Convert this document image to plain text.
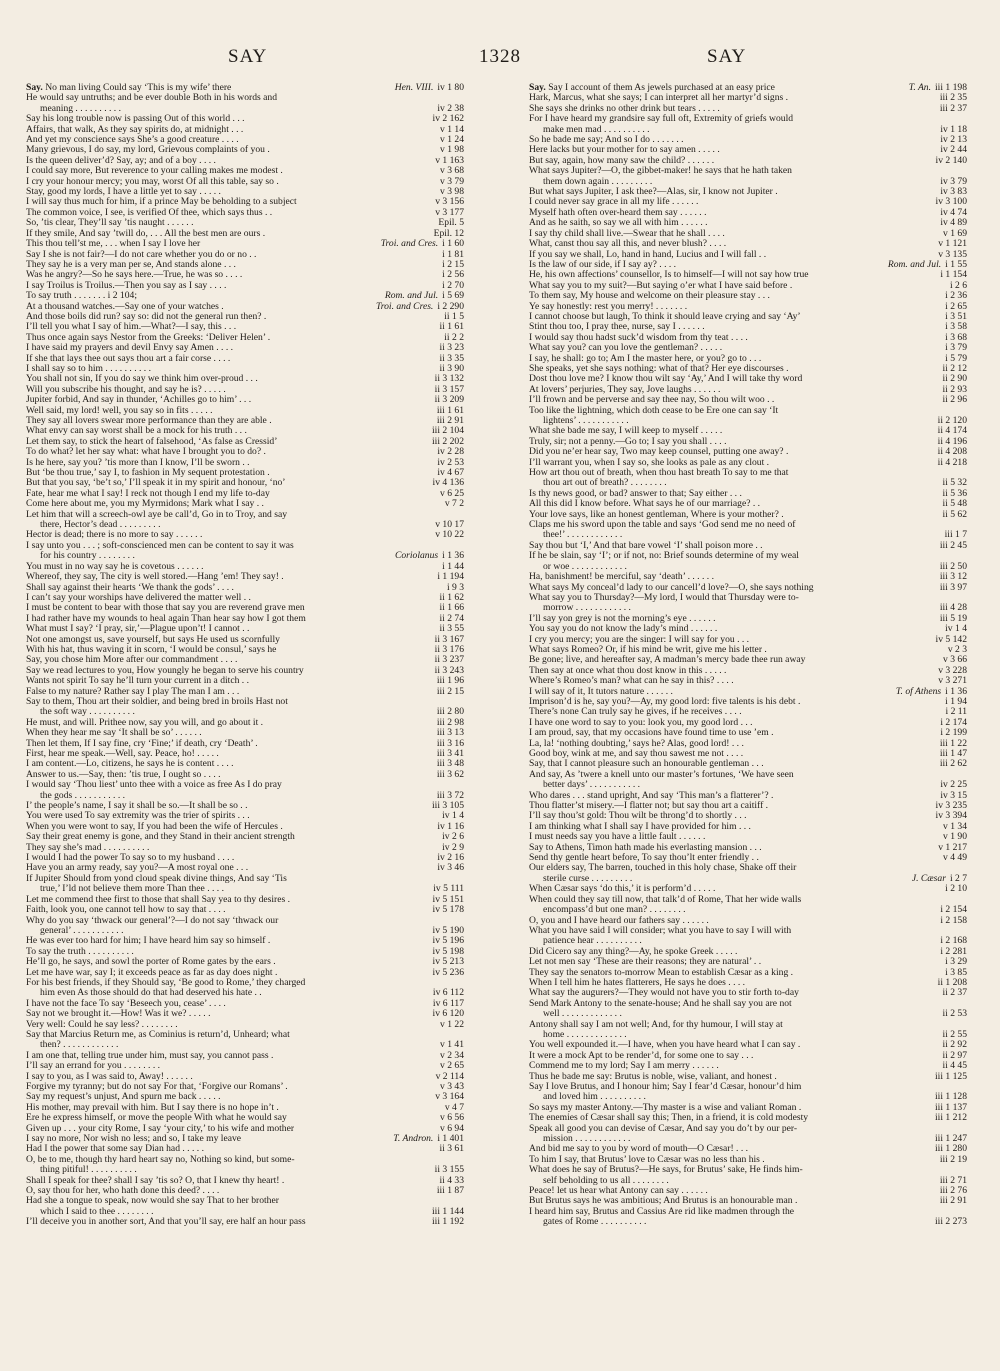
SAY	1328	SAY
Say. No man living Could say ‘This is my wife’ there	Hen. VIII. iv 1 80
He would say untruths; and be ever double Both in his words and
meaning . . . . . . . . . .	iv 2 38
Say his long trouble now is passing Out of this world . . .	iv 2 162
Affairs, that walk, As they say spirits do, at midnight . . .	v 1 14
And yet my conscience says She’s a good creature . . . .	v 1 24
Many grievous, I do say, my lord, Grievous complaints of you .	v 1 98
Is the queen deliver’d? Say, ay; and of a boy . . . .	v 1 163
I could say more, But reverence to your calling makes me modest .	v 3 68
I cry your honour mercy; you may, worst Of all this table, say so .	v 3 79
Stay, good my lords, I have a little yet to say . . . . .	v 3 98
I will say thus much for him, if a prince May be beholding to a subject	v 3 156
The common voice, I see, is verified Of thee, which says thus . .	v 3 177
So, ’tis clear, They’ll say ’tis naught . . . . . .	Epil. 5
If they smile, And say ’twill do, . . . All the best men are ours .	Epil. 12
This thou tell’st me, . . . when I say I love her	Troi. and Cres. i 1 60
Say I she is not fair?—I do not care whether you do or no . .	i 1 81
They say he is a very man per se, And stands alone . . .	i 2 15
Was he angry?—So he says here.—True, he was so . . . .	i 2 56
I say Troilus is Troilus.—Then you say as I say . . . .	i 2 70
To say truth . . . . . . . i 2 104;	Rom. and Jul. i 5 69
At a thousand watches.—Say one of your watches .	Troi. and Cres. i 2 290
And those boils did run? say so: did not the general run then? .	ii 1 5
I’ll tell you what I say of him.—What?—I say, this . . .	ii 1 61
Thus once again says Nestor from the Greeks: ‘Deliver Helen’ .	ii 2 2
I have said my prayers and devil Envy say Amen . . . .	ii 3 23
If she that lays thee out says thou art a fair corse . . . .	ii 3 35
I shall say so to him . . . . . . . . . .	ii 3 90
You shall not sin, If you do say we think him over-proud . . .	ii 3 132
Will you subscribe his thought, and say he is? . . . . .	ii 3 157
Jupiter forbid, And say in thunder, ‘Achilles go to him’ . . .	ii 3 209
Well said, my lord! well, you say so in fits . . . . .	iii 1 61
They say all lovers swear more performance than they are able .	iii 2 91
What envy can say worst shall be a mock for his truth . . .	iii 2 104
Let them say, to stick the heart of falsehood, ‘As false as Cressid’	iii 2 202
To do what? let her say what: what have I brought you to do? .	iv 2 28
Is he here, say you? ’tis more than I know, I’ll be sworn . .	iv 2 53
But ‘be thou true,’ say I, to fashion in My sequent protestation .	iv 4 67
But that you say, ‘be’t so,’ I’ll speak it in my spirit and honour, ‘no’	iv 4 136
Fate, hear me what I say! I reck not though I end my life to-day	v 6 25
Come here about me, you my Myrmidons; Mark what I say . .	v 7 2
Let him that will a screech-owl aye be call’d, Go in to Troy, and say
there, Hector’s dead . . . . . . . . .	v 10 17
Hector is dead; there is no more to say . . . . . .	v 10 22
I say unto you . . . ; soft-conscienced men can be content to say it was
for his country . . . . . . . .	Coriolanus i 1 36
You must in no way say he is covetous . . . . . .	i 1 44
Whereof, they say, The city is well stored.—Hang ’em! They say! .	i 1 194
Shall say against their hearts ‘We thank the gods’ . . . .	i 9 3
I can’t say your worships have delivered the matter well . .	ii 1 62
I must be content to bear with those that say you are reverend grave men	ii 1 66
I had rather have my wounds to heal again Than hear say how I got them	ii 2 74
What must I say? ‘I pray, sir,’—Plague upon’t! I cannot . .	ii 3 55
Not one amongst us, save yourself, but says He used us scornfully	ii 3 167
With his hat, thus waving it in scorn, ‘I would be consul,’ says he	ii 3 176
Say, you chose him More after our commandment . . . .	ii 3 237
Say we read lectures to you, How youngly he began to serve his country	ii 3 243
Wants not spirit To say he’ll turn your current in a ditch . .	iii 1 96
False to my nature? Rather say I play The man I am . . .	iii 2 15
Say to them, Thou art their soldier, and being bred in broils Hast not
the soft way . . . . . . . . . .	iii 2 80
He must, and will. Prithee now, say you will, and go about it .	iii 2 98
When they hear me say ‘It shall be so’ . . . . . .	iii 3 13
Then let them, If I say fine, cry ‘Fine;’ if death, cry ‘Death’ .	iii 3 16
First, hear me speak.—Well, say. Peace, ho! . . . . .	iii 3 41
I am content.—Lo, citizens, he says he is content . . . .	iii 3 48
Answer to us.—Say, then: ’tis true, I ought so . . . .	iii 3 62
I would say ‘Thou liest’ unto thee with a voice as free As I do pray
the gods . . . . . . . . . . .	iii 3 72
I’ the people’s name, I say it shall be so.—It shall be so . .	iii 3 105
You were used To say extremity was the trier of spirits . . .	iv 1 4
When you were wont to say, If you had been the wife of Hercules .	iv 1 16
Say their great enemy is gone, and they Stand in their ancient strength	iv 2 6
They say she’s mad . . . . . . . . . .	iv 2 9
I would I had the power To say so to my husband . . . .	iv 2 16
Have you an army ready, say you?—A most royal one . . .	iv 3 46
If Jupiter Should from yond cloud speak divine things, And say ‘Tis
true,’ I’ld not believe them more Than thee . . . .	iv 5 111
Let me commend thee first to those that shall Say yea to thy desires .	iv 5 151
Faith, look you, one cannot tell how to say that . . . .	iv 5 178
Why do you say ‘thwack our general’?—I do not say ‘thwack our
general’ . . . . . . . . . . .	iv 5 190
He was ever too hard for him; I have heard him say so himself .	iv 5 196
To say the truth . . . . . . . . . .	iv 5 198
He’ll go, he says, and sowl the porter of Rome gates by the ears .	iv 5 213
Let me have war, say I; it exceeds peace as far as day does night .	iv 5 236
For his best friends, if they Should say, ‘Be good to Rome,’ they charged
him even As those should do that had deserved his hate . .	iv 6 112
I have not the face To say ‘Beseech you, cease’ . . . .	iv 6 117
Say not we brought it.—How! Was it we? . . . . .	iv 6 120
Very well: Could he say less? . . . . . . . .	v 1 22
Say that Marcius Return me, as Cominius is return’d, Unheard; what
then? . . . . . . . . . . . .	v 1 41
I am one that, telling true under him, must say, you cannot pass .	v 2 34
I’ll say an errand for you . . . . . . . .	v 2 65
I say to you, as I was said to, Away! . . . . . .	v 2 114
Forgive my tyranny; but do not say For that, ‘Forgive our Romans’ .	v 3 43
Say my request’s unjust, And spurn me back . . . . .	v 3 164
His mother, may prevail with him. But I say there is no hope in’t .	v 4 7
Ere he express himself, or move the people With what he would say	v 6 56
Given up . . . your city Rome, I say ‘your city,’ to his wife and mother	v 6 94
I say no more, Nor wish no less; and so, I take my leave	T. Andron. i 1 401
Had I the power that some say Dian had . . . . .	ii 3 61
O, be to me, though thy hard heart say no, Nothing so kind, but some-
thing pitiful! . . . . . . . . . .	ii 3 155
Shall I speak for thee? shall I say ’tis so? O, that I knew thy heart! .	ii 4 33
O, say thou for her, who hath done this deed? . . . .	iii 1 87
Had she a tongue to speak, now would she say That to her brother
which I said to thee . . . . . . . .	iii 1 144
I’ll deceive you in another sort, And that you’ll say, ere half an hour pass	iii 1 192
Say. Say I account of them As jewels purchased at an easy price	T. An. iii 1 198
Hark, Marcus, what she says; I can interpret all her martyr’d signs .	iii 2 35
She says she drinks no other drink but tears . . . . .	iii 2 37
For I have heard my grandsire say full oft, Extremity of griefs would
make men mad . . . . . . . . . .	iv 1 18
So he bade me say; And so I do . . . . . . .	iv 2 13
Here lacks but your mother for to say amen . . . . .	iv 2 44
But say, again, how many saw the child? . . . . . .	iv 2 140
What says Jupiter?—O, the gibbet-maker! he says that he hath taken
them down again . . . . . . . . .	iv 3 79
But what says Jupiter, I ask thee?—Alas, sir, I know not Jupiter .	iv 3 83
I could never say grace in all my life . . . . . .	iv 3 100
Myself hath often over-heard them say . . . . . .	iv 4 74
And as he saith, so say we all with him . . . . . .	iv 4 89
I say thy child shall live.—Swear that he shall . . . .	v 1 69
What, canst thou say all this, and never blush? . . . .	v 1 121
If you say we shall, Lo, hand in hand, Lucius and I will fall . .	v 3 135
Is the law of our side, if I say ay? . . . .	Rom. and Jul. i 1 55
He, his own affections’ counsellor, Is to himself—I will not say how true	i 1 154
What say you to my suit?—But saying o’er what I have said before .	i 2 6
To them say, My house and welcome on their pleasure stay . . .	i 2 36
Ye say honestly: rest you merry! . . . . . . .	i 2 65
I cannot choose but laugh, To think it should leave crying and say ‘Ay’	i 3 51
Stint thou too, I pray thee, nurse, say I . . . . . .	i 3 58
I would say thou hadst suck’d wisdom from thy teat . . . .	i 3 68
What say you? can you love the gentleman? . . . . .	i 3 79
I say, he shall: go to; Am I the master here, or you? go to . . .	i 5 79
She speaks, yet she says nothing: what of that? Her eye discourses .	ii 2 12
Dost thou love me? I know thou wilt say ‘Ay,’ And I will take thy word	ii 2 90
At lovers’ perjuries, They say, Jove laughs . . . . . .	ii 2 93
I’ll frown and be perverse and say thee nay, So thou wilt woo . .	ii 2 96
Too like the lightning, which doth cease to be Ere one can say ‘It
lightens’ . . . . . . . . . . .	ii 2 120
What she bade me say, I will keep to myself . . . . .	ii 4 174
Truly, sir; not a penny.—Go to; I say you shall . . . .	ii 4 196
Did you ne’er hear say, Two may keep counsel, putting one away? .	ii 4 208
I’ll warrant you, when I say so, she looks as pale as any clout .	ii 4 218
How art thou out of breath, when thou hast breath To say to me that
thou art out of breath? . . . . . . . .	ii 5 32
Is thy news good, or bad? answer to that; Say either . . .	ii 5 36
All this did I know before. What says he of our marriage? . .	ii 5 48
Your love says, like an honest gentleman, Where is your mother? .	ii 5 62
Claps me his sword upon the table and says ‘God send me no need of
thee!’ . . . . . . . . . . . .	iii 1 7
Say thou but ‘I,’ And that bare vowel ‘I’ shall poison more . .	iii 2 45
If he be slain, say ‘I’; or if not, no: Brief sounds determine of my weal
or woe . . . . . . . . . . . .	iii 2 50
Ha, banishment! be merciful, say ‘death’ . . . . . .	iii 3 12
What says My conceal’d lady to our cancell’d love?—O, she says nothing	iii 3 97
What say you to Thursday?—My lord, I would that Thursday were to-
morrow . . . . . . . . . . . .	iii 4 28
I’ll say yon grey is not the morning’s eye . . . . . .	iii 5 19
You say you do not know the lady’s mind . . . . . .	iv 1 4
I cry you mercy; you are the singer: I will say for you . . .	iv 5 142
What says Romeo? Or, if his mind be writ, give me his letter .	v 2 3
Be gone; live, and hereafter say, A madman’s mercy bade thee run away	v 3 66
Then say at once what thou dost know in this . . . . .	v 3 228
Where’s Romeo’s man? what can he say in this? . . . .	v 3 271
I will say of it, It tutors nature . . . . . .	T. of Athens i 1 36
Imprison’d is he, say you?—Ay, my good lord: five talents is his debt .	i 1 94
There’s none Can truly say he gives, if he receives . . . .	i 2 11
I have one word to say to you: look you, my good lord . . .	i 2 174
I am proud, say, that my occasions have found time to use ’em .	i 2 199
La, la! ‘nothing doubting,’ says he? Alas, good lord! . . .	iii 1 22
Good boy, wink at me, and say thou sawest me not . . . .	iii 1 47
Say, that I cannot pleasure such an honourable gentleman . . .	iii 2 62
And say, As ’twere a knell unto our master’s fortunes, ‘We have seen
better days’ . . . . . . . . . . .	iv 2 25
Who dares . . . stand upright, And say ‘This man’s a flatterer’? .	iv 3 15
Thou flatter’st misery.—I flatter not; but say thou art a caitiff .	iv 3 235
I’ll say thou’st gold: Thou wilt be throng’d to shortly . . .	iv 3 394
I am thinking what I shall say I have provided for him . . .	v 1 34
I must needs say you have a little fault . . . . . .	v 1 90
Say to Athens, Timon hath made his everlasting mansion . . .	v 1 217
Send thy gentle heart before, To say thou’lt enter friendly . .	v 4 49
Our elders say, The barren, touched in this holy chase, Shake off their
sterile curse . . . . . . . . .	J. Cæsar i 2 7
When Cæsar says ‘do this,’ it is perform’d . . . . .	i 2 10
When could they say till now, that talk’d of Rome, That her wide walls
encompass’d but one man? . . . . . . . .	i 2 154
O, you and I have heard our fathers say . . . . . .	i 2 158
What you have said I will consider; what you have to say I will with
patience hear . . . . . . . . . .	i 2 168
Did Cicero say any thing?—Ay, he spoke Greek . . . . .	i 2 281
Let not men say ‘These are their reasons; they are natural’ . .	i 3 29
They say the senators to-morrow Mean to establish Cæsar as a king .	i 3 85
When I tell him he hates flatterers, He says he does . . . .	ii 1 208
What say the augurers?—They would not have you to stir forth to-day	ii 2 37
Send Mark Antony to the senate-house; And he shall say you are not
well . . . . . . . . . . . . .	ii 2 53
Antony shall say I am not well; And, for thy humour, I will stay at
home . . . . . . . . . . . . .	ii 2 55
You well expounded it.—I have, when you have heard what I can say .	ii 2 92
It were a mock Apt to be render’d, for some one to say . . .	ii 2 97
Commend me to my lord; Say I am merry . . . . . .	ii 4 45
Thus he bade me say: Brutus is noble, wise, valiant, and honest .	iii 1 125
Say I love Brutus, and I honour him; Say I fear’d Cæsar, honour’d him
and loved him . . . . . . . . . .	iii 1 128
So says my master Antony.—Thy master is a wise and valiant Roman .	iii 1 137
The enemies of Cæsar shall say this; Then, in a friend, it is cold modesty	iii 1 212
Speak all good you can devise of Cæsar, And say you do’t by our per-
mission . . . . . . . . . . . .	iii 1 247
And bid me say to you by word of mouth—O Cæsar! . . .	iii 1 280
To him I say, that Brutus’ love to Cæsar was no less than his .	iii 2 19
What does he say of Brutus?—He says, for Brutus’ sake, He finds him-
self beholding to us all . . . . . . . .	iii 2 71
Peace! let us hear what Antony can say . . . . . .	iii 2 76
But Brutus says he was ambitious; And Brutus is an honourable man .	iii 2 91
I heard him say, Brutus and Cassius Are rid like madmen through the
gates of Rome . . . . . . . . . .	iii 2 273
